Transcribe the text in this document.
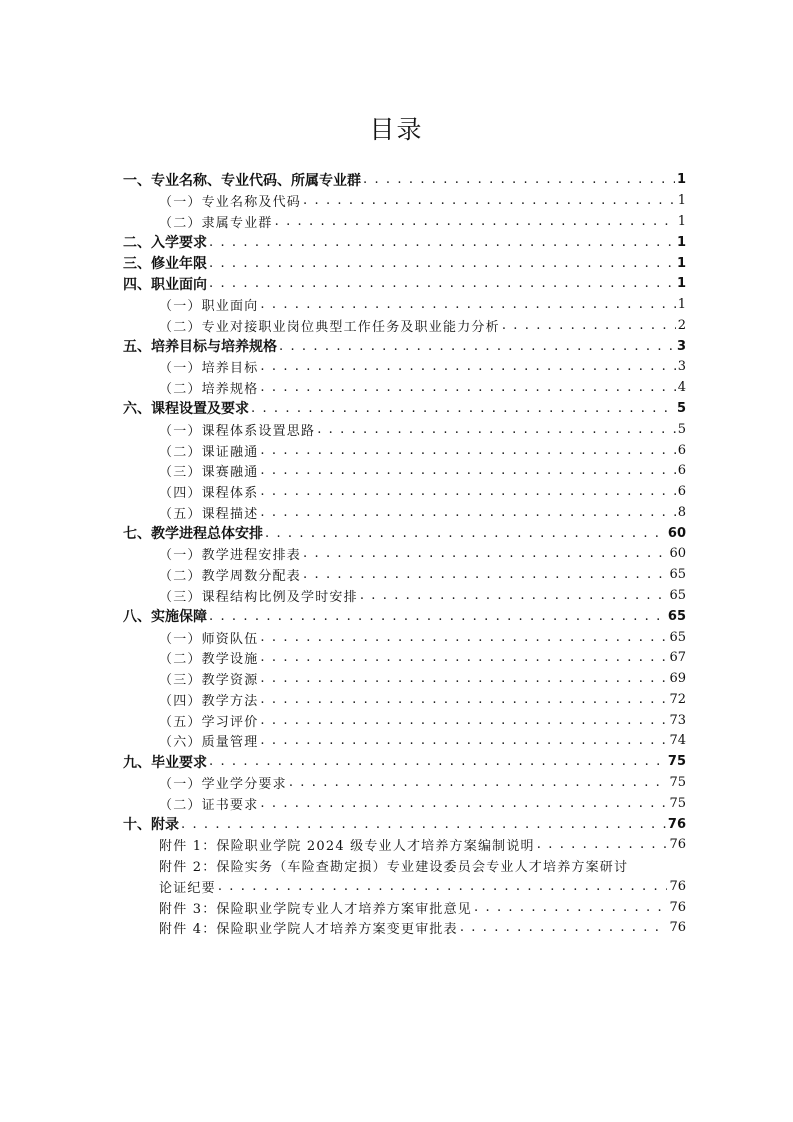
目录
一、专业名称、专业代码、所属专业群 . . .	1
（一）专业名称及代码 . . .	1
（二）隶属专业群 . . .	1
二、入学要求 . . .	1
三、修业年限 . . .	1
四、职业面向 . . .	1
（一）职业面向 . . .	1
（二）专业对接职业岗位典型工作任务及职业能力分析 . . .	2
五、培养目标与培养规格 . . .	3
（一）培养目标 . . .	3
（二）培养规格 . . .	4
六、课程设置及要求 . . .	5
（一）课程体系设置思路 . . .	5
（二）课证融通 . . .	6
（三）课赛融通 . . .	6
（四）课程体系 . . .	6
（五）课程描述 . . .	8
七、教学进程总体安排 . . .	60
（一）教学进程安排表 . . .	60
（二）教学周数分配表 . . .	65
（三）课程结构比例及学时安排 . . .	65
八、实施保障 . . .	65
（一）师资队伍 . . .	65
（二）教学设施 . . .	67
（三）教学资源 . . .	69
（四）教学方法 . . .	72
（五）学习评价 . . .	73
（六）质量管理 . . .	74
九、毕业要求 . . .	75
（一）学业学分要求 . . .	75
（二）证书要求 . . .	75
十、附录 . . .	76
附件 1：保险职业学院 2024 级专业人才培养方案编制说明 . . .	76
附件 2：保险实务（车险查勘定损）专业建设委员会专业人才培养方案研讨
论证纪要 . . .	76
附件 3：保险职业学院专业人才培养方案审批意见 . . .	76
附件 4：保险职业学院人才培养方案变更审批表 . . .	76
